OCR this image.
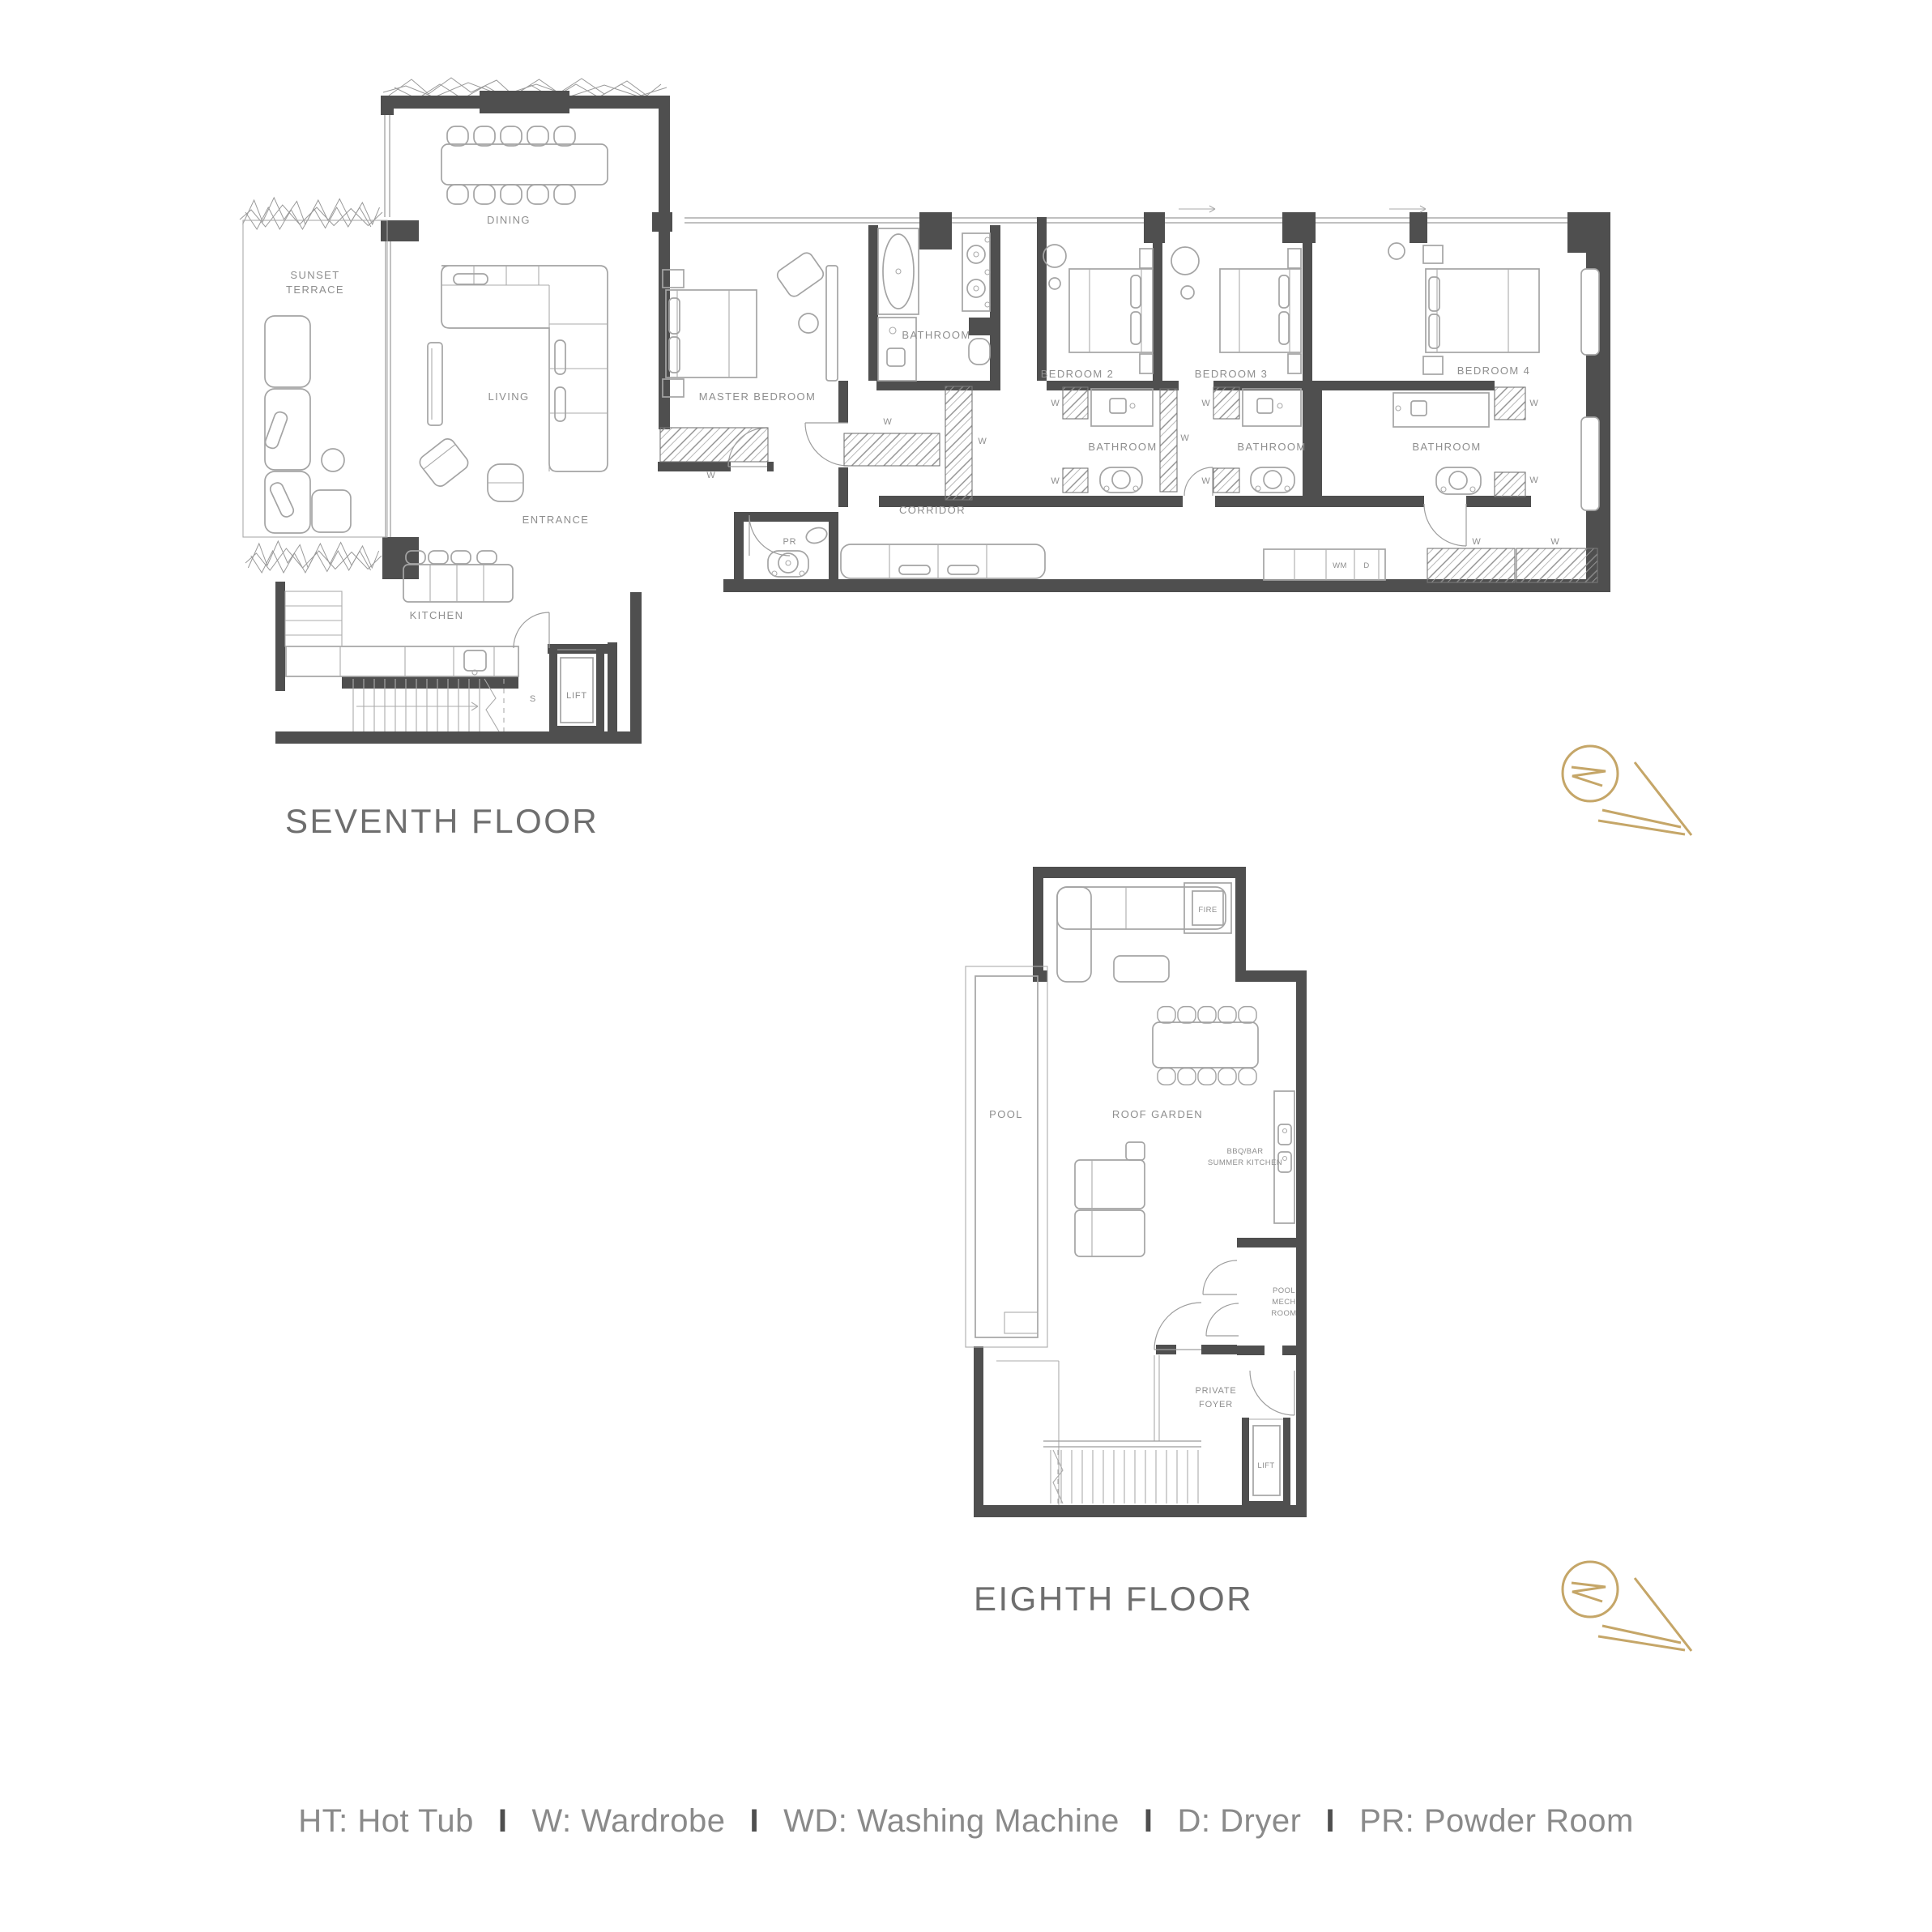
SUNSET
TERRACE
DINING
LIVING
KITCHEN
S	LIFT
ENTRANCE
PR
MASTER BEDROOM
W
W
W
BATHROOM
BEDROOM 2
BATHROOM
W
W
W
BEDROOM 3
BATHROOM
W
W
BEDROOM 4
BATHROOM
W
W
CORRIDOR
WM D
W	W
SEVENTH FLOOR
POOL
FIRE
ROOF GARDEN
BBQ/BAR
SUMMER KITCHEN
POOL
MECH
ROOM
PRIVATE
FOYER
LIFT
EIGHTH FLOOR
HT: Hot Tub I W: Wardrobe I WD: Washing Machine I D: Dryer I PR: Powder Room
